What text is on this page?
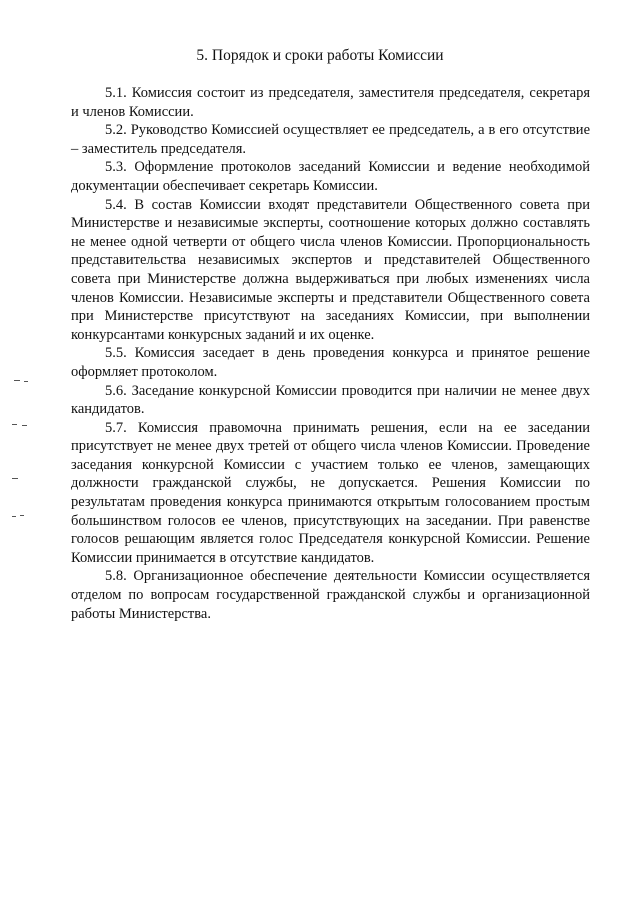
5. Порядок и сроки работы Комиссии

5.1. Комиссия состоит из председателя, заместителя председателя, секретаря и членов Комиссии.

5.2. Руководство Комиссией осуществляет ее председатель, а в его отсутствие – заместитель председателя.

5.3. Оформление протоколов заседаний Комиссии и ведение необходимой документации обеспечивает секретарь Комиссии.

5.4. В состав Комиссии входят представители Общественного совета при Министерстве и независимые эксперты, соотношение которых должно составлять не менее одной четверти от общего числа членов Комиссии. Пропорциональность представительства независимых экспертов и представителей Общественного совета при Министерстве должна выдерживаться при любых изменениях числа членов Комиссии. Независимые эксперты и представители Общественного совета при Министерстве присутствуют на заседаниях Комиссии, при выполнении конкурсантами конкурсных заданий и их оценке.

5.5. Комиссия заседает в день проведения конкурса и принятое решение оформляет протоколом.

5.6. Заседание конкурсной Комиссии проводится при наличии не менее двух кандидатов.

5.7. Комиссия правомочна принимать решения, если на ее заседании присутствует не менее двух третей от общего числа членов Комиссии. Проведение заседания конкурсной Комиссии с участием только ее членов, замещающих должности гражданской службы, не допускается. Решения Комиссии по результатам проведения конкурса принимаются открытым голосованием простым большинством голосов ее членов, присутствующих на заседании. При равенстве голосов решающим является голос Председателя конкурсной Комиссии. Решение Комиссии принимается в отсутствие кандидатов.

5.8. Организационное обеспечение деятельности Комиссии осуществляется отделом по вопросам государственной гражданской службы и организационной работы Министерства.
